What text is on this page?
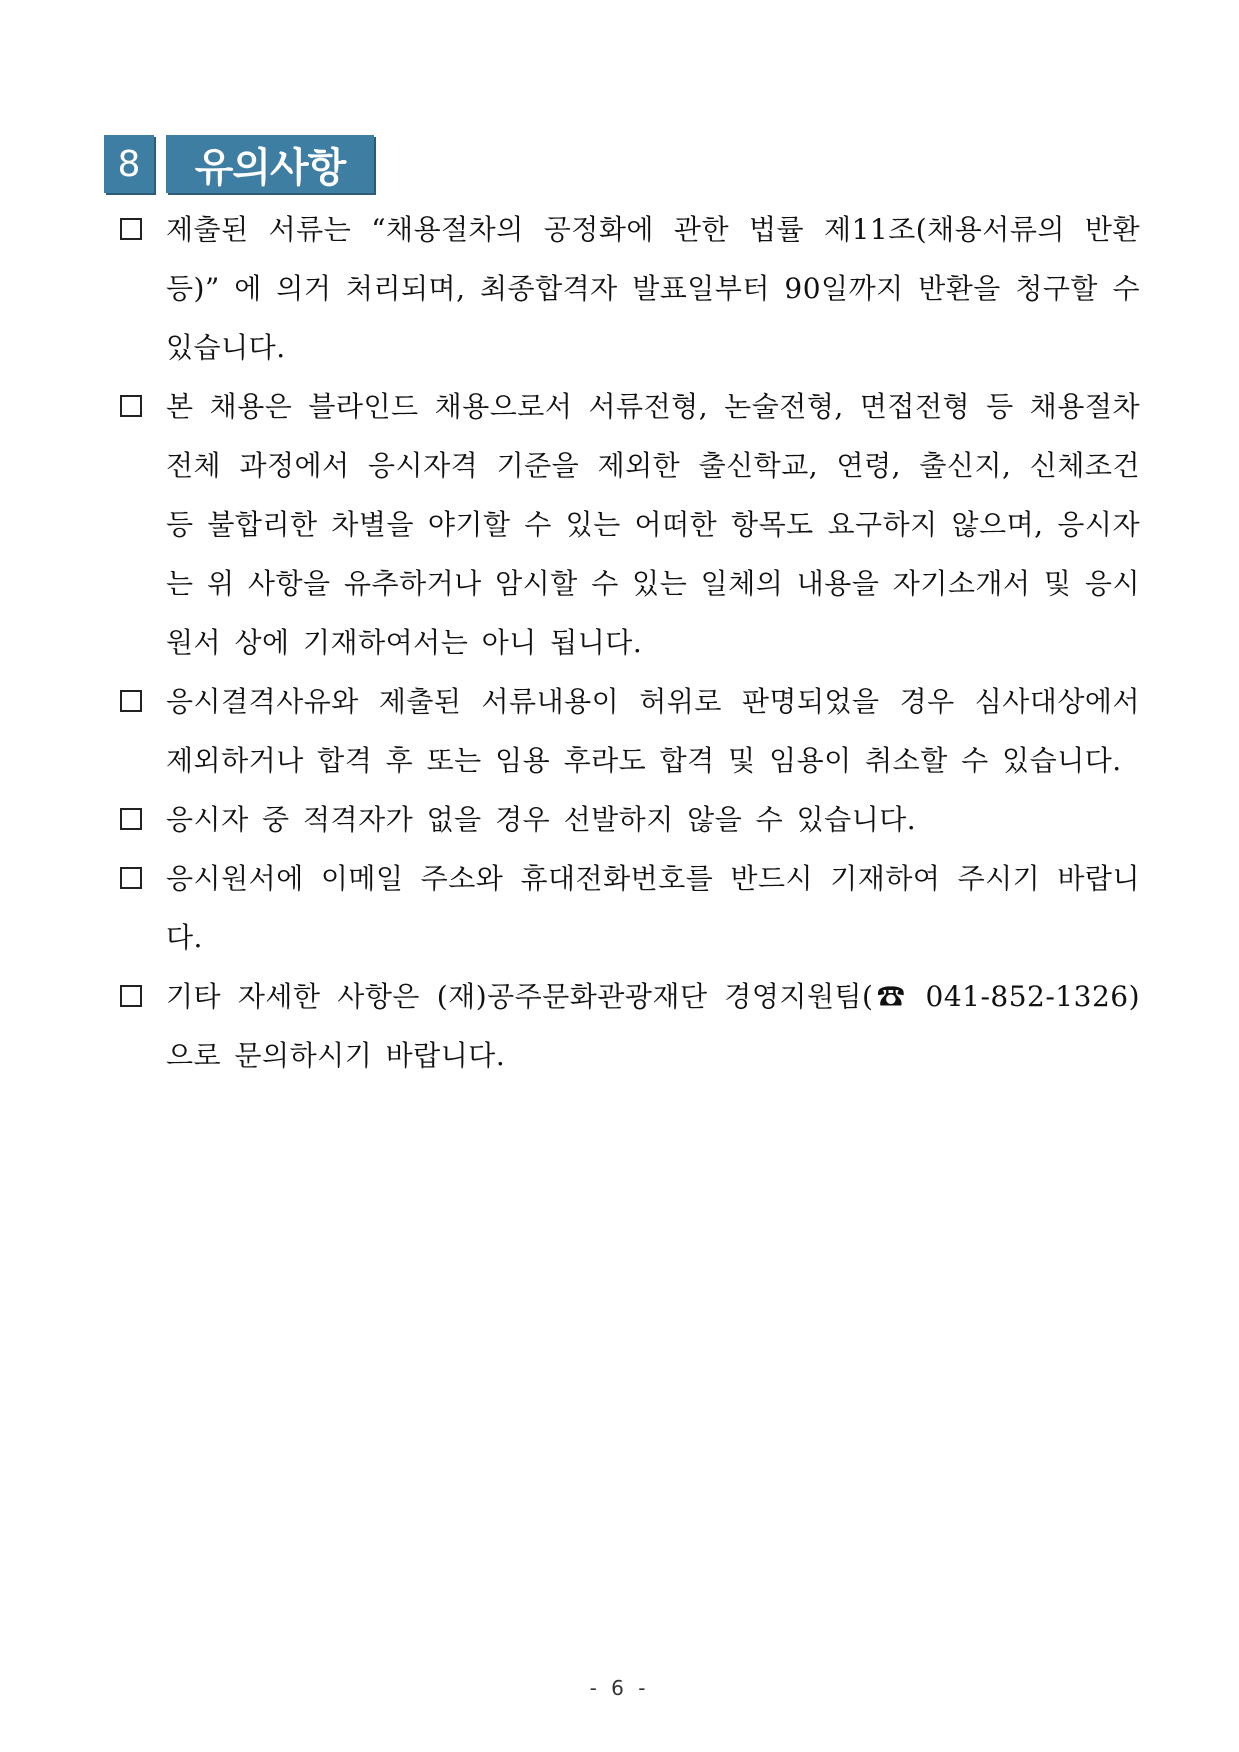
8	유의사항
제출된 서류는 “채용절차의 공정화에 관한 법률 제11조(채용서류의 반환 등)” 에 의거 처리되며, 최종합격자 발표일부터 90일까지 반환을 청구할 수 있습니다.
본 채용은 블라인드 채용으로서 서류전형, 논술전형, 면접전형 등 채용절차 전체 과정에서 응시자격 기준을 제외한 출신학교, 연령, 출신지, 신체조건 등 불합리한 차별을 야기할 수 있는 어떠한 항목도 요구하지 않으며, 응시자는 위 사항을 유추하거나 암시할 수 있는 일체의 내용을 자기소개서 및 응시원서 상에 기재하여서는 아니 됩니다.
응시결격사유와 제출된 서류내용이 허위로 판명되었을 경우 심사대상에서 제외하거나 합격 후 또는 임용 후라도 합격 및 임용이 취소할 수 있습니다.
응시자 중 적격자가 없을 경우 선발하지 않을 수 있습니다.
응시원서에 이메일 주소와 휴대전화번호를 반드시 기재하여 주시기 바랍니다.
기타 자세한 사항은 (재)공주문화관광재단 경영지원팀(☎ 041-852-1326) 으로 문의하시기 바랍니다.
- 6 -
